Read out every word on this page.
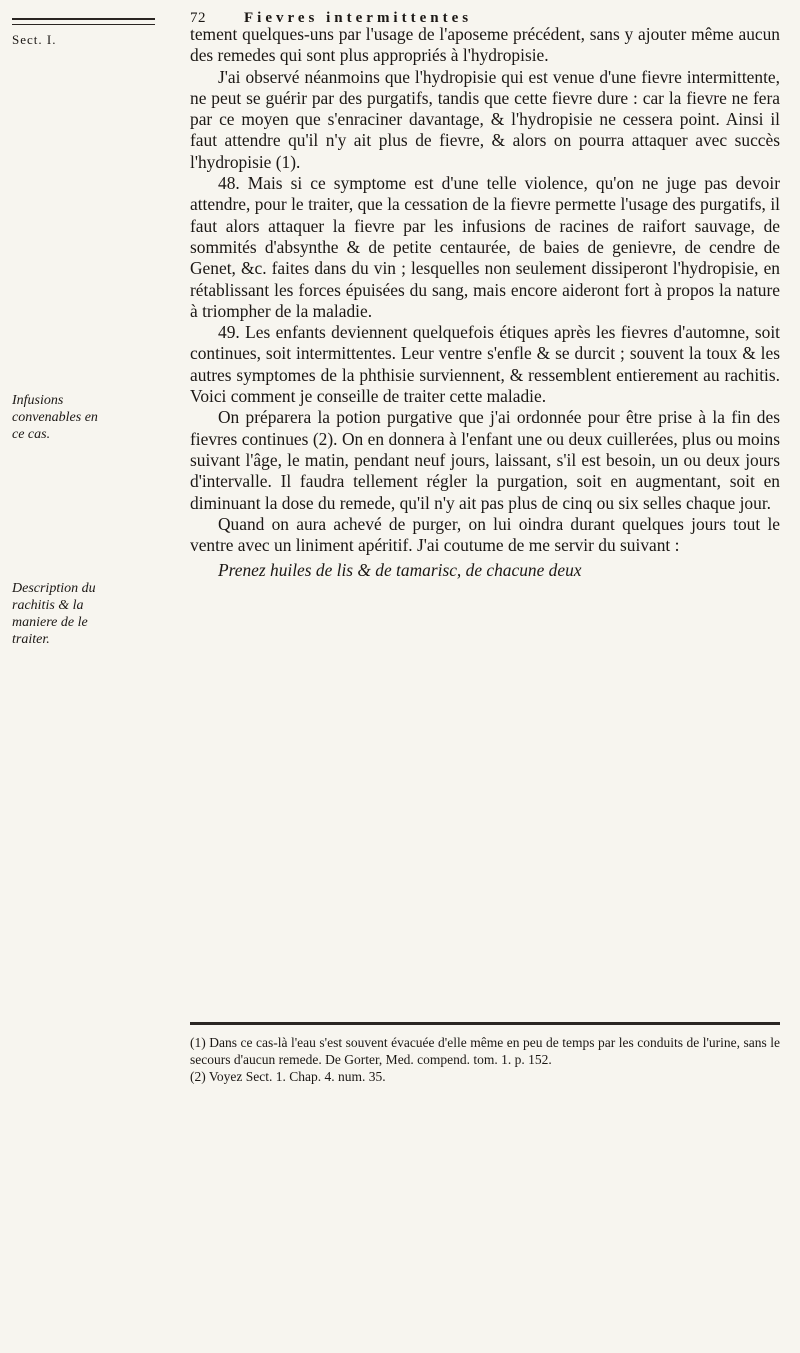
72	Fievres intermittentes
Sect. I.
Infusions convenables en ce cas.
Description du rachitis & la maniere de le traiter.

tement quelques-uns par l'usage de l'aposeme précédent, sans y ajouter même aucun des remedes qui sont plus appropriés à l'hydropisie.

J'ai observé néanmoins que l'hydropisie qui est venue d'une fievre intermittente, ne peut se guérir par des purgatifs, tandis que cette fievre dure : car la fievre ne fera par ce moyen que s'enraciner davantage, & l'hydropisie ne cessera point. Ainsi il faut attendre qu'il n'y ait plus de fievre, & alors on pourra attaquer avec succès l'hydropisie (1).

48. Mais si ce symptome est d'une telle violence, qu'on ne juge pas devoir attendre, pour le traiter, que la cessation de la fievre permette l'usage des purgatifs, il faut alors attaquer la fievre par les infusions de racines de raifort sauvage, de sommités d'absynthe & de petite centaurée, de baies de genievre, de cendre de Genet, &c. faites dans du vin ; lesquelles non seulement dissiperont l'hydropisie, en rétablissant les forces épuisées du sang, mais encore aideront fort à propos la nature à triompher de la maladie.

49. Les enfants deviennent quelquefois étiques après les fievres d'automne, soit continues, soit intermittentes. Leur ventre s'enfle & se durcit ; souvent la toux & les autres symptomes de la phthisie surviennent, & ressemblent entierement au rachitis. Voici comment je conseille de traiter cette maladie.

On préparera la potion purgative que j'ai ordonnée pour être prise à la fin des fievres continues (2). On en donnera à l'enfant une ou deux cuillerées, plus ou moins suivant l'âge, le matin, pendant neuf jours, laissant, s'il est besoin, un ou deux jours d'intervalle. Il faudra tellement régler la purgation, soit en augmentant, soit en diminuant la dose du remede, qu'il n'y ait pas plus de cinq ou six selles chaque jour.

Quand on aura achevé de purger, on lui oindra durant quelques jours tout le ventre avec un liniment apéritif. J'ai coutume de me servir du suivant :

Prenez huiles de lis & de tamarisc, de chacune deux

(1) Dans ce cas-là l'eau s'est souvent évacuée d'elle même en peu de temps par les conduits de l'urine, sans le secours d'aucun remede. De Gorter, Med. compend. tom. 1. p. 152.

(2) Voyez Sect. 1. Chap. 4. num. 35.
